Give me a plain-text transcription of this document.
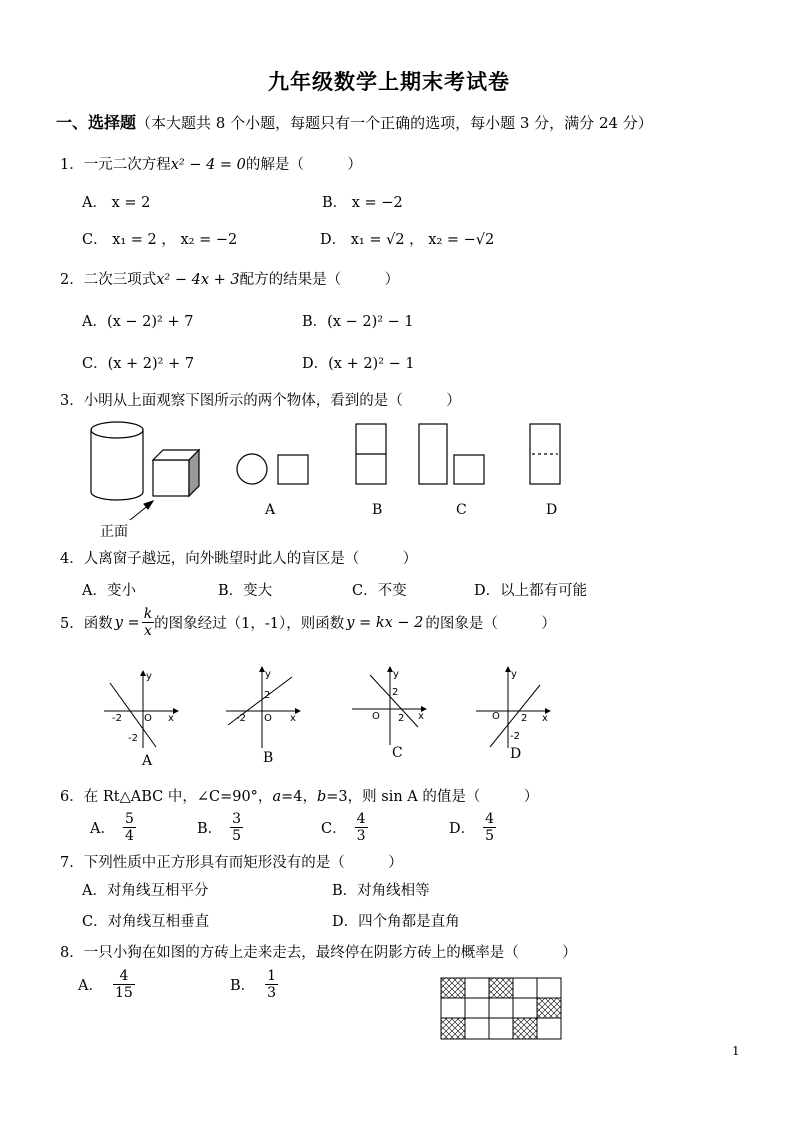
九年级数学上期末考试卷
一、选择题（本大题共 8 个小题，每题只有一个正确的选项，每小题 3 分，满分 24 分）
1．一元二次方程x² − 4 = 0的解是（　　　）
A． x = 2	B． x = −2
C． x₁ = 2 ， x₂ = −2	D． x₁ = √2 ， x₂ = −√2
2．二次三项式x² − 4x + 3配方的结果是（　　　）
A．(x − 2)² + 7	B．(x − 2)² − 1
C．(x + 2)² + 7	D．(x + 2)² − 1
3．小明从上面观察下图所示的两个物体，看到的是（　　　）
正面
A	B	C	D
4．人离窗子越远，向外眺望时此人的盲区是（　　　）
A．变小	B．变大	C．不变	D．以上都有可能
5． 函数 $y = \frac{k}{x}$ 的图象经过（1，-1），则函数 y = kx − 2 的图象是（　　　）
y
x
O
-2
-2
y
x
O
2
-2
y
x
O
2
2
y
x
O 2
-2
A	B	C	D
6．在 Rt△ABC 中，∠C=90°，a=4，b=3，则 sin A 的值是（　　　）
A． $\frac{5}{4}$	B． $\frac{3}{5}$	C． $\frac{4}{3}$	D． $\frac{4}{5}$
7．下列性质中正方形具有而矩形没有的是（　　　）
A．对角线互相平分	B．对角线相等
C．对角线互相垂直	D．四个角都是直角
8．一只小狗在如图的方砖上走来走去，最终停在阴影方砖上的概率是（　　　）
A． $\frac{4}{15}$	B． $\frac{1}{3}$
1
